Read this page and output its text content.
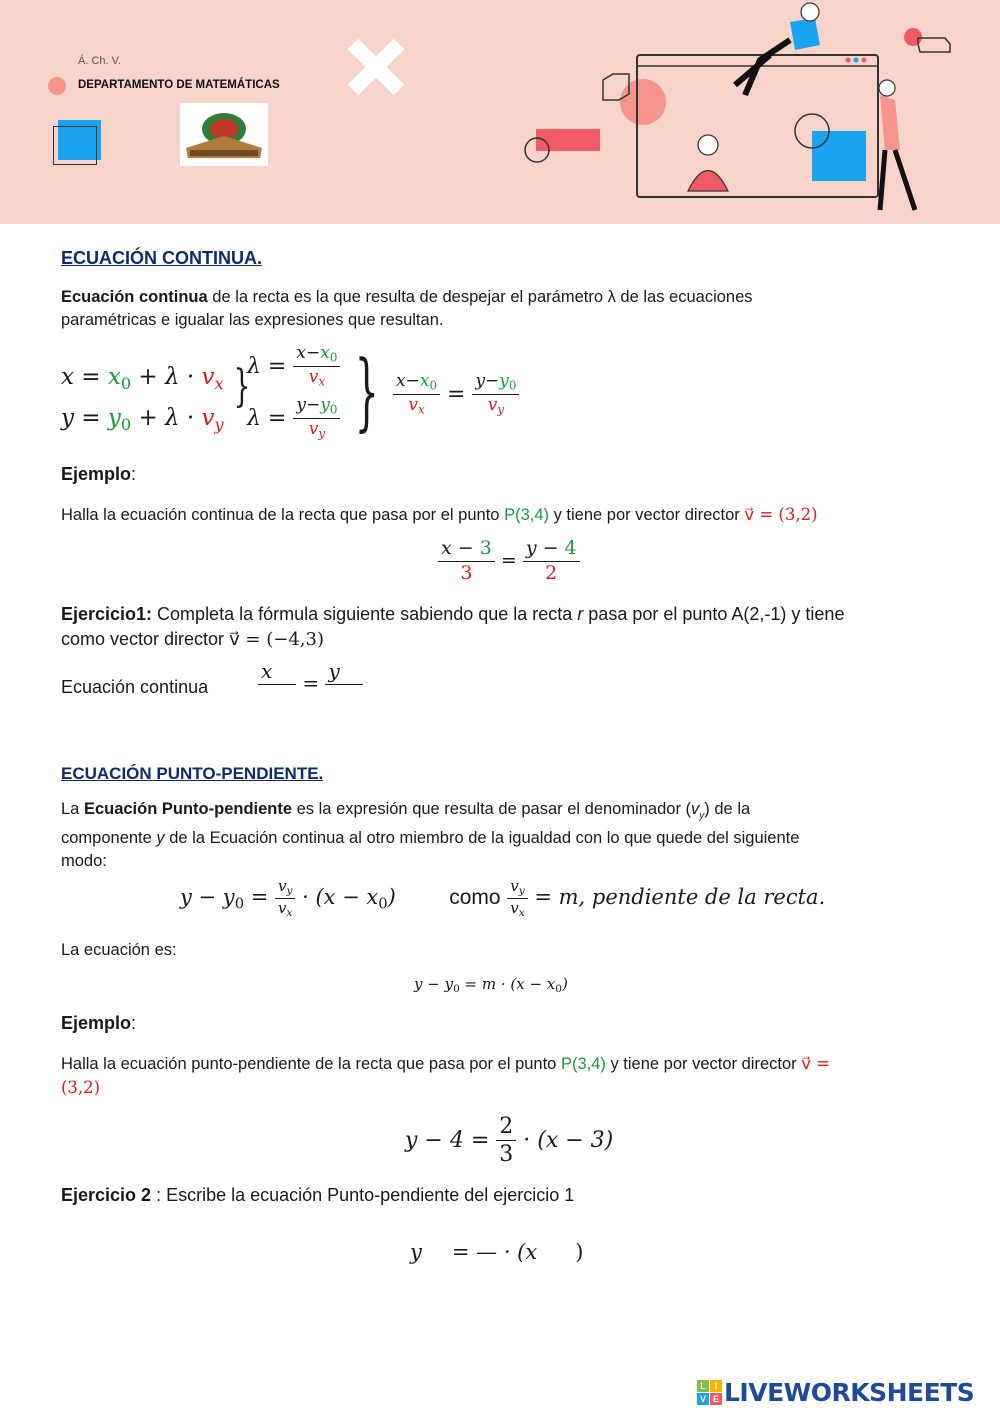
Á. Ch. V.
DEPARTAMENTO DE MATEMÁTICAS
ECUACIÓN CONTINUA.
Ecuación continua de la recta es la que resulta de despejar el parámetro λ de las ecuaciones
paramétricas e igualar las expresiones que resultan.
$x = x_0 + \lambda \cdot v_x$
$y = y_0 + \lambda \cdot v_y$
}
$\lambda = \frac{x-x_0}{v_x}$
$\lambda = \frac{y-y_0}{v_y}$ } $\frac{x-x_0}{v_x} = \frac{y-y_0}{v_y}$
Ejemplo:
Halla la ecuación continua de la recta que pasa por el punto P(3,4) y tiene por vector director v⃗ = (3,2)
$\frac{x - 3}{3} = \frac{y - 4}{2}$
Ejercicio1: Completa la fórmula siguiente sabiendo que la recta r pasa por el punto A(2,-1) y tiene
como vector director v⃗ = (−4,3)
Ecuación continua
x
	= y

ECUACIÓN PUNTO-PENDIENTE.
La Ecuación Punto-pendiente es la expresión que resulta de pasar el denominador $(v_y)$ de la
componente y de la Ecuación continua al otro miembro de la igualdad con lo que quede del siguiente
modo:
$y - y_0 = \frac{v_y}{v_x} \cdot (x - x_0)$  como $\frac{v_y}{v_x} = m$, pendiente de la recta.
La ecuación es:
$y - y_0 = m \cdot (x - x_0)$
Ejemplo:
Halla la ecuación punto-pendiente de la recta que pasa por el punto P(3,4) y tiene por vector director v⃗ =
(3,2)
$y - 4 = \frac{2}{3} \cdot (x - 3)$
Ejercicio 2 : Escribe la ecuación Punto-pendiente del ejercicio 1
y = — · (x )
L I
V E LIVEWORKSHEETS
